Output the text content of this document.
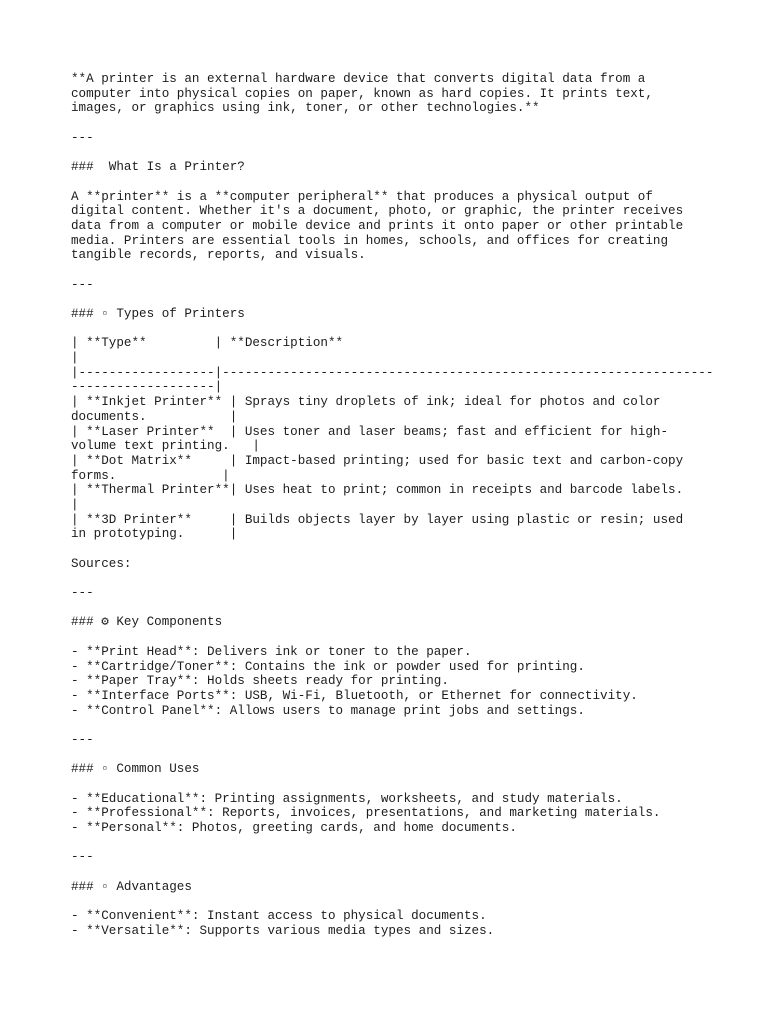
**A printer is an external hardware device that converts digital data from a
computer into physical copies on paper, known as hard copies. It prints text,
images, or graphics using ink, toner, or other technologies.**
---
###  What Is a Printer?
A **printer** is a **computer peripheral** that produces a physical output of
digital content. Whether it's a document, photo, or graphic, the printer receives
data from a computer or mobile device and prints it onto paper or other printable
media. Printers are essential tools in homes, schools, and offices for creating
tangible records, reports, and visuals.
---
### ▫ Types of Printers
| **Type**         | **Description**
|
|------------------|-----------------------------------------------------------------
-------------------|
| **Inkjet Printer** | Sprays tiny droplets of ink; ideal for photos and color
documents.           |
| **Laser Printer**  | Uses toner and laser beams; fast and efficient for high-
volume text printing.   |
| **Dot Matrix**     | Impact-based printing; used for basic text and carbon-copy
forms.              |
| **Thermal Printer**| Uses heat to print; common in receipts and barcode labels.
|
| **3D Printer**     | Builds objects layer by layer using plastic or resin; used
in prototyping.      |
Sources:
---
### ⚙ Key Components
- **Print Head**: Delivers ink or toner to the paper.
- **Cartridge/Toner**: Contains the ink or powder used for printing.
- **Paper Tray**: Holds sheets ready for printing.
- **Interface Ports**: USB, Wi-Fi, Bluetooth, or Ethernet for connectivity.
- **Control Panel**: Allows users to manage print jobs and settings.
---
### ▫ Common Uses
- **Educational**: Printing assignments, worksheets, and study materials.
- **Professional**: Reports, invoices, presentations, and marketing materials.
- **Personal**: Photos, greeting cards, and home documents.
---
### ▫ Advantages
- **Convenient**: Instant access to physical documents.
- **Versatile**: Supports various media types and sizes.
